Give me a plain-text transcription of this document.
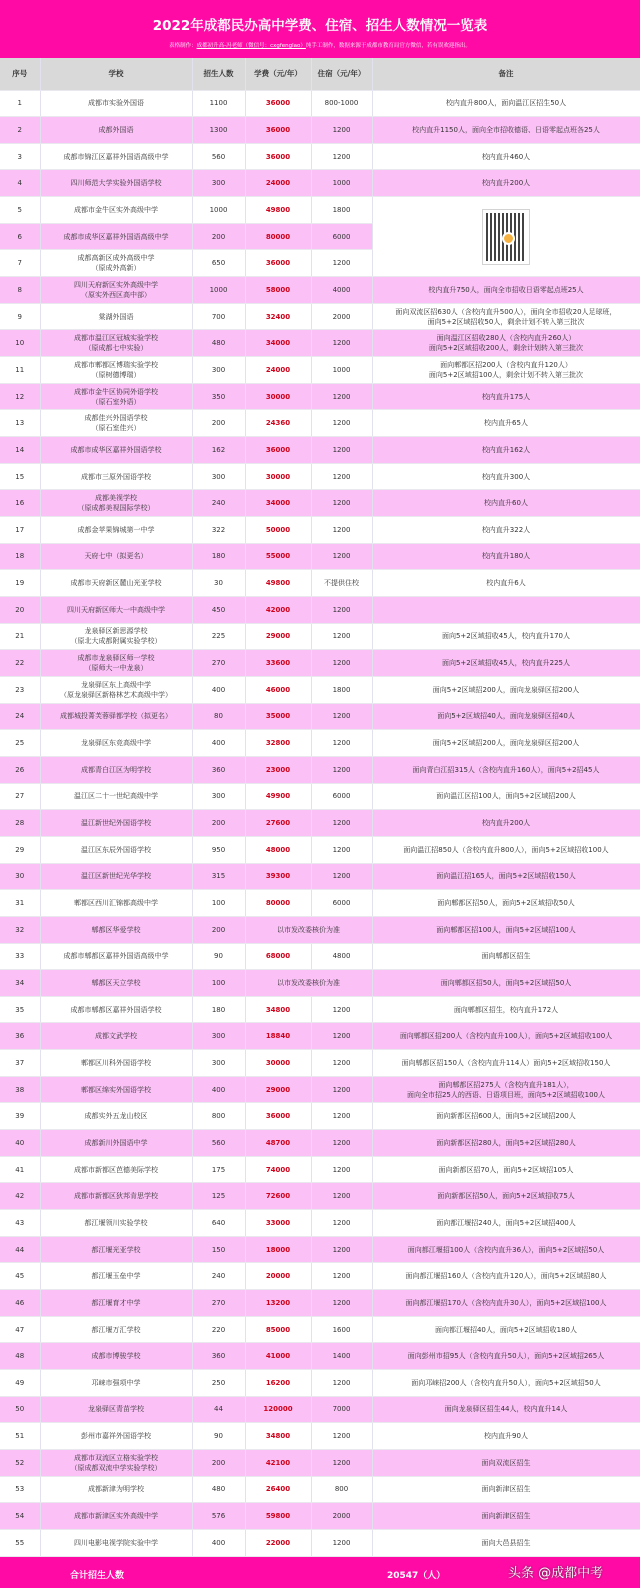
2022年成都民办高中学费、住宿、招生人数情况一览表
表格制作：成都初升高-冯老师（微信号：cxgfenglao）纯手工制作，数据来源于成都市教育局官方微信，若有误欢迎指出。
序号	学校	招生人数	学费（元/年）	住宿（元/年）	备注
1	成都市实验外国语	1100	36000	800-1000	校内直升800人，面向温江区招生50人
2	成都外国语	1300	36000	1200	校内直升1150人，面向全市招收德语、日语零起点班各25人
3	成都市锦江区嘉祥外国语高级中学	560	36000	1200	校内直升460人
4	四川师范大学实验外国语学校	300	24000	1000	校内直升200人
5	成都市金牛区实外高级中学	1000	49800	1800	

6	成都市成华区嘉祥外国语高级中学	200	80000	6000	
7	成都高新区成外高级中学
（原成外高新）	650	36000	1200	
8	四川天府新区实外高级中学
（原实外西区高中部）	1000	58000	4000	校内直升750人，面向全市招收日语零起点班25人
9	棠湖外国语	700	32400	2000	面向双流区招630人（含校内直升500人），面向全市招收20人足球班，
面向5+2区域招收50人，剩余计划不转入第三批次
10	成都市温江区冠城实验学校
（原成都七中实验）	480	34000	1200	面向温江区招收280人（含校内直升260人）
面向5+2区域招收200人，剩余计划转入第三批次
11	成都市郫都区博瑞实验学校
（原树德博瑞）	300	24000	1000	面向郫都区招200人（含校内直升120人）
面向5+2区域招100人，剩余计划不转入第三批次
12	成都市金牛区协同外语学校
（原石室外语）	350	30000	1200	校内直升175人
13	成都佳兴外国语学校
（原石室佳兴）	200	24360	1200	校内直升65人
14	成都市成华区嘉祥外国语学校	162	36000	1200	校内直升162人
15	成都市三原外国语学校	300	30000	1200	校内直升300人
16	成都美视学校
（原成都美视国际学校）	240	34000	1200	校内直升60人
17	成都金苹果锦城第一中学	322	50000	1200	校内直升322人
18	天府七中（拟更名）	180	55000	1200	校内直升180人
19	成都市天府新区麓山光亚学校	30	49800	不提供住校	校内直升6人
20	四川天府新区师大一中高级中学	450	42000	1200	
21	龙泉驿区新思源学校
（原北大成都附属实验学校）	225	29000	1200	面向5+2区域招收45人，校内直升170人
22	成都市龙泉驿区师一学校
（原师大一中龙泉）	270	33600	1200	面向5+2区域招收45人，校内直升225人
23	龙泉驿区东上高级中学
（原龙泉驿区新格林艺术高级中学）	400	46000	1800	面向5+2区域招200人，面向龙泉驿区招200人
24	成都城投菁芙蓉驿都学校（拟更名）	80	35000	1200	面向5+2区域招40人，面向龙泉驿区招40人
25	龙泉驿区东竞高级中学	400	32800	1200	面向5+2区域招200人，面向龙泉驿区招200人
26	成都青白江区为明学校	360	23000	1200	面向青白江招315人（含校内直升160人），面向5+2招45人
27	温江区二十一世纪高级中学	300	49900	6000	面向温江区招100人，面向5+2区域招200人
28	温江新世纪外国语学校	200	27600	1200	校内直升200人
29	温江区东辰外国语学校	950	48000	1200	面向温江招850人（含校内直升800人），面向5+2区域招收100人
30	温江区新世纪光华学校	315	39300	1200	面向温江招165人，面向5+2区域招收150人
31	郫都区西川汇锦都高级中学	100	80000	6000	面向郫都区招50人，面向5+2区域招收50人
32	郫都区华爱学校	200	以市发改委核价为准		面向郫都区招100人，面向5+2区域招100人
33	成都市郫都区嘉祥外国语高级中学	90	68000	4800	面向郫都区招生
34	郫都区天立学校	100	以市发改委核价为准		面向郫都区招50人，面向5+2区域招50人
35	成都市郫都区嘉祥外国语学校	180	34800	1200	面向郫都区招生，校内直升172人
36	成都文武学校	300	18840	1200	面向郫都区招200人（含校内直升100人），面向5+2区域招收100人
37	郫都区川科外国语学校	300	30000	1200	面向郫都区招150人（含校内直升114人）面向5+2区域招收150人
38	郫都区绵实外国语学校	400	29000	1200	面向郫都区招275人（含校内直升181人），
面向全市招25人的西语、日语项目班，面向5+2区域招收100人
39	成都实外五龙山校区	800	36000	1200	面向新都区招600人，面向5+2区域招200人
40	成都新川外国语中学	560	48700	1200	面向新都区招280人，面向5+2区域招280人
41	成都市新都区芭德美际学校	175	74000	1200	面向新都区招70人，面向5+2区域招105人
42	成都市新都区狄邦肯思学校	125	72600	1200	面向新都区招50人，面向5+2区域招收75人
43	都江堰领川实验学校	640	33000	1200	面向都江堰招240人，面向5+2区域招400人
44	都江堰光亚学校	150	18000	1200	面向都江堰招100人（含校内直升36人），面向5+2区域招50人
45	都江堰玉垒中学	240	20000	1200	面向都江堰招160人（含校内直升120人），面向5+2区域招80人
46	都江堰育才中学	270	13200	1200	面向都江堰招170人（含校内直升30人），面向5+2区域招100人
47	都江堰万汇学校	220	85000	1600	面向都江堰招40人，面向5+2区域招收180人
48	成都市博骏学校	360	41000	1400	面向彭州市招95人（含校内直升50人），面向5+2区域招265人
49	邛崃市强项中学	250	16200	1200	面向邛崃招200人（含校内直升50人），面向5+2区域招50人
50	龙泉驿区青苗学校	44	120000	7000	面向龙泉驿区招生44人，校内直升14人
51	彭州市嘉祥外国语学校	90	34800	1200	校内直升90人
52	成都市双流区立格实验学校
（原成都双流中学实验学校）	200	42100	1200	面向双流区招生
53	成都新津为明学校	480	26400	800	面向新津区招生
54	成都市新津区实外高级中学	576	59800	2000	面向新津区招生
55	四川电影电视学院实验中学	400	22000	1200	面向大邑县招生
合计招生人数	20547（人）	头条 @成都中考
